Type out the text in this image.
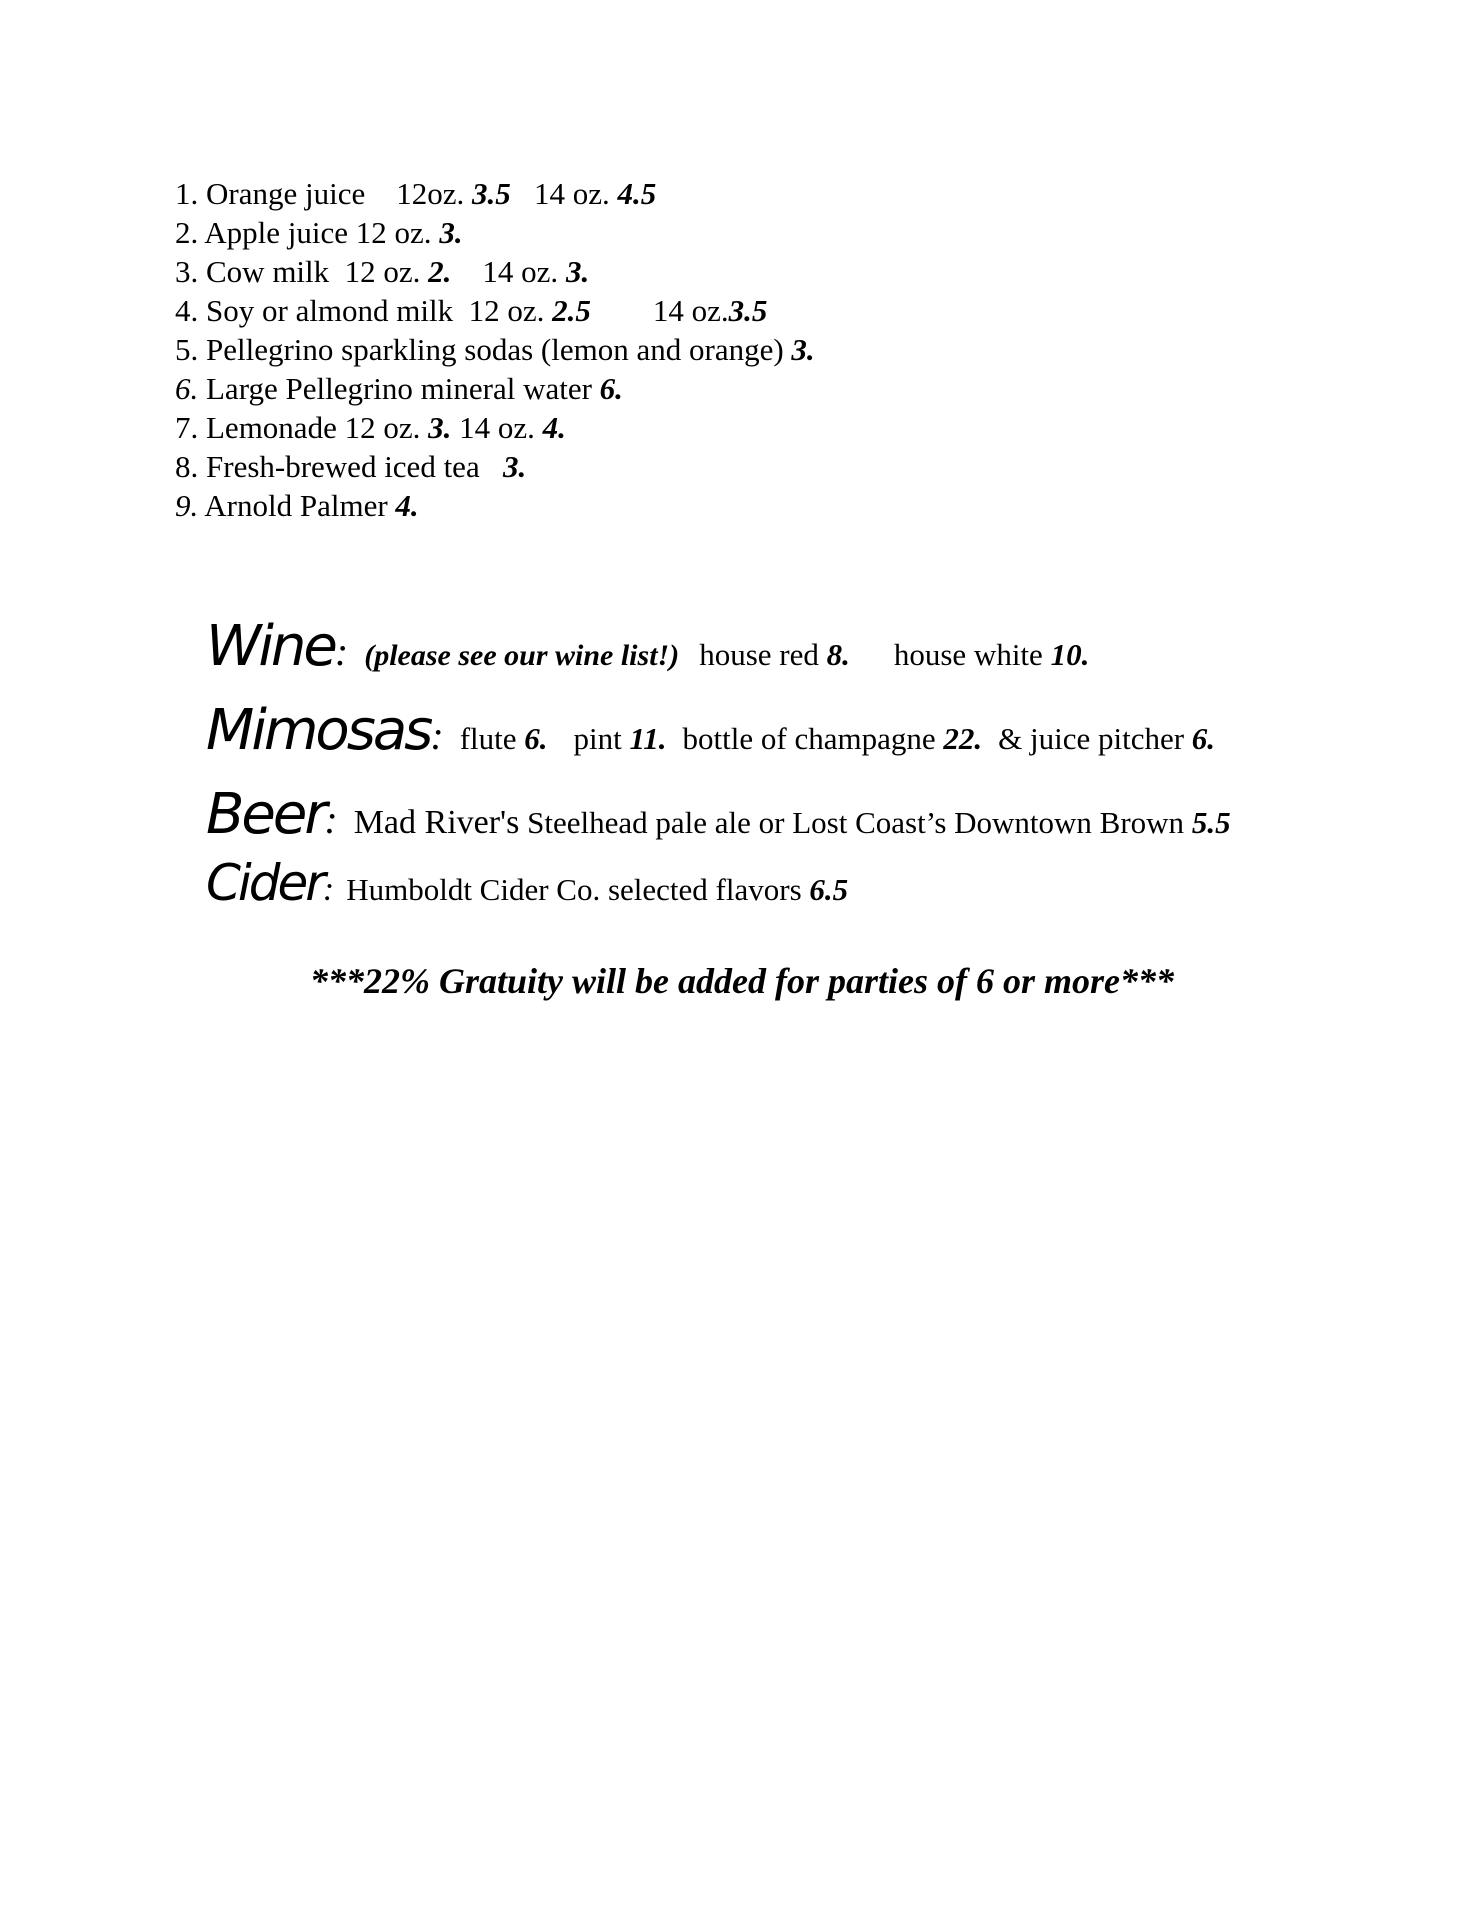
1. Orange juice    12oz. 3.5   14 oz. 4.5
2. Apple juice 12 oz. 3.
3. Cow milk  12 oz. 2.    14 oz. 3.
4. Soy or almond milk  12 oz. 2.5        14 oz.3.5
5. Pellegrino sparkling sodas (lemon and orange) 3.
6. Large Pellegrino mineral water 6.
7. Lemonade 12 oz. 3. 14 oz. 4.
8. Fresh-brewed iced tea   3.
9. Arnold Palmer 4.

Wine: (please see our wine list!) house red 8. house white 10.

Mimosas: flute 6. pint 11. bottle of champagne 22. & juice pitcher 6.

Beer: Mad River's Steelhead pale ale or Lost Coast’s Downtown Brown 5.5

Cider: Humboldt Cider Co. selected flavors 6.5

***22% Gratuity will be added for parties of 6 or more***
